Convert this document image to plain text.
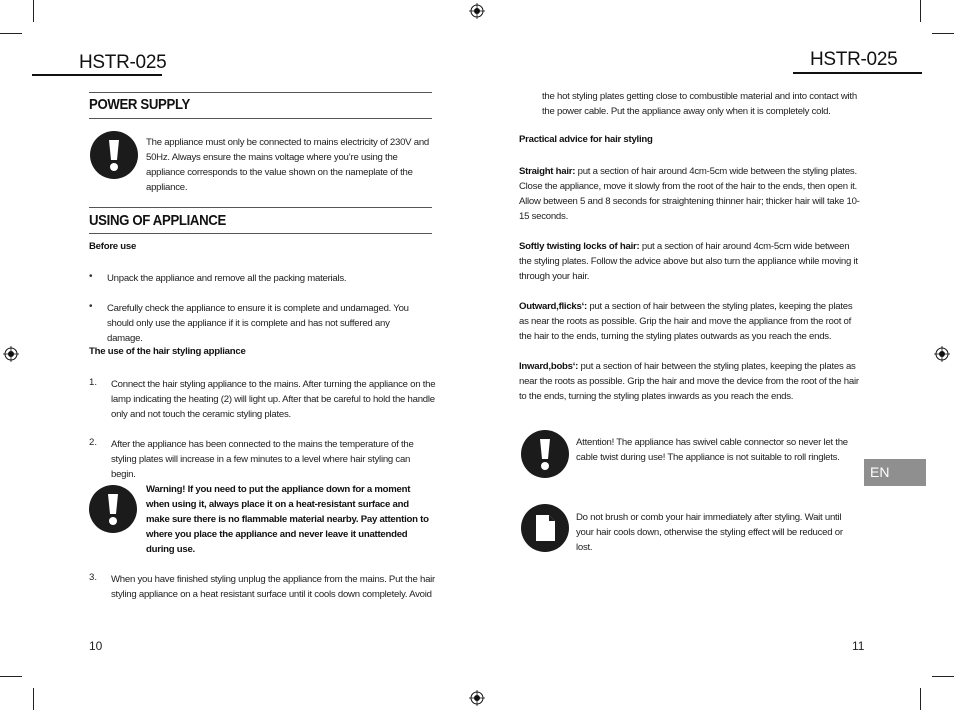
HSTR-025
POWER SUPPLY
The appliance must only be connected to mains electricity of 230V and 50Hz. Always ensure the mains voltage where you’re using the appliance corresponds to the value shown on the nameplate of the appliance.
USING OF APPLIANCE
Before use
• Unpack the appliance and remove all the packing materials.
• Carefully check the appliance to ensure it is complete and undamaged. You should only use the appliance if it is complete and has not suffered any damage.
The use of the hair styling appliance
1. Connect the hair styling appliance to the mains. After turning the appliance on the lamp indicating the heating (2) will light up. After that be careful to hold the handle only and not touch the ceramic styling plates.
2. After the appliance has been connected to the mains the temperature of the styling plates will increase in a few minutes to a level where hair styling can begin.
Warning! If you need to put the appliance down for a moment when using it, always place it on a heat-resistant surface and make sure there is no flammable material nearby. Pay attention to where you place the appliance and never leave it unattended during use.
3. When you have finished styling unplug the appliance from the mains. Put the hair styling appliance on a heat resistant surface until it cools down completely. Avoid
10
HSTR-025
the hot styling plates getting close to combustible material and into contact with the power cable. Put the appliance away only when it is completely cold.
Practical advice for hair styling
Straight hair: put a section of hair around 4cm-5cm wide between the styling plates. Close the appliance, move it slowly from the root of the hair to the ends, then open it. Allow between 5 and 8 seconds for straightening thinner hair; thicker hair will take 10-15 seconds.
Softly twisting locks of hair: put a section of hair around 4cm-5cm wide between the styling plates. Follow the advice above but also turn the appliance while moving it through your hair.
Outward‚flicks‘: put a section of hair between the styling plates, keeping the plates as near the roots as possible. Grip the hair and move the appliance from the root of the hair to the ends, turning the styling plates outwards as you reach the ends.
Inward‚bobs‘: put a section of hair between the styling plates, keeping the plates as near the roots as possible. Grip the hair and move the device from the root of the hair to the ends, turning the styling plates inwards as you reach the ends.
Attention! The appliance has swivel cable connector so never let the cable twist during use! The appliance is not suitable to roll ringlets.
EN
Do not brush or comb your hair immediately after styling. Wait until your hair cools down, otherwise the styling effect will be reduced or lost.
11
